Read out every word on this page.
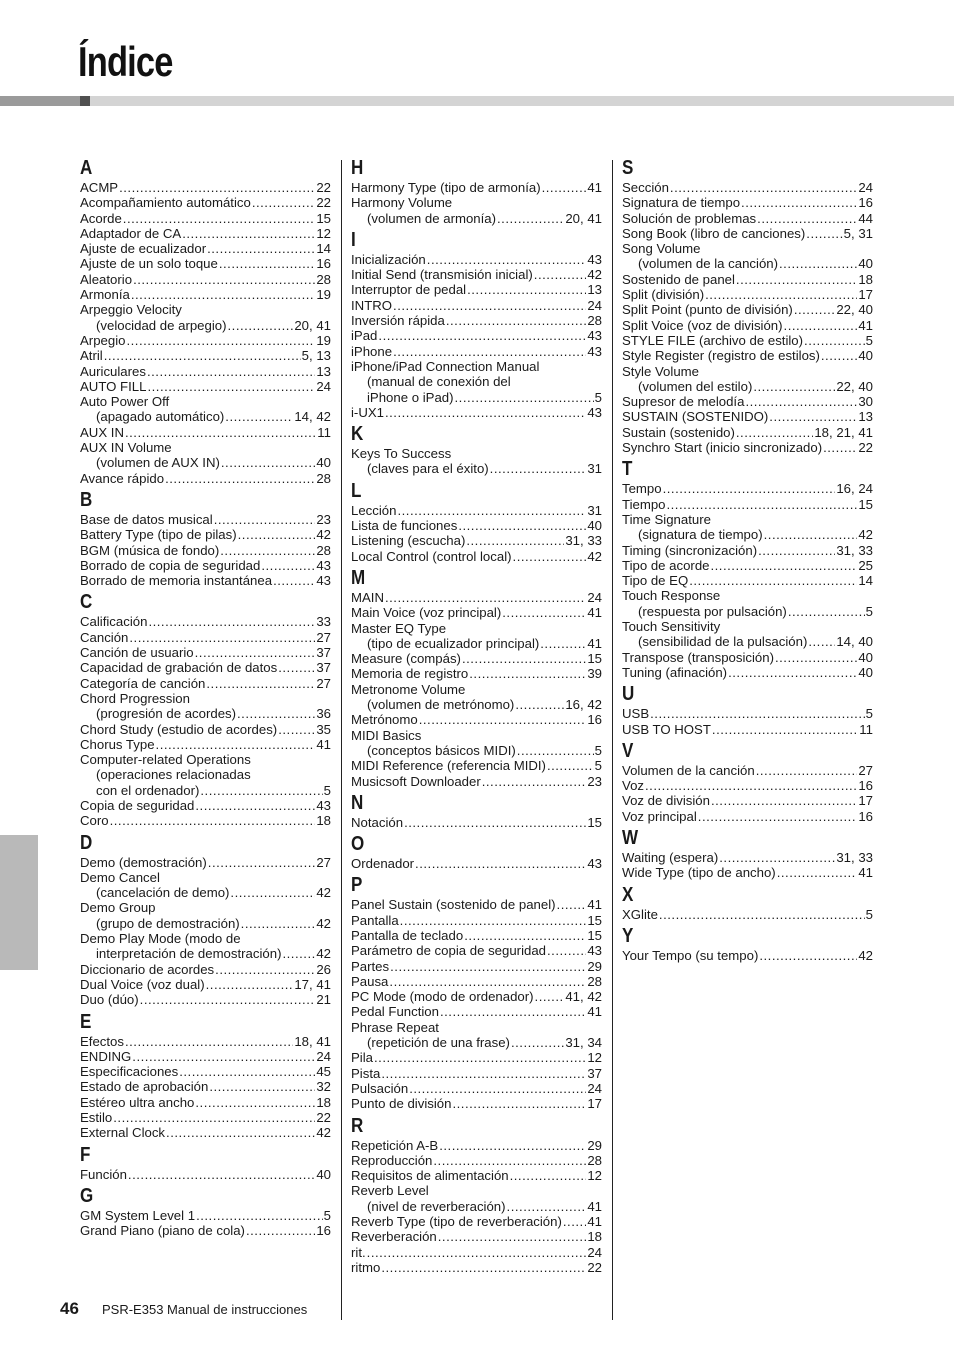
Índice
A
ACMP .....	22
Acompañamiento automático .....	22
Acorde .....	15
Adaptador de CA .....	12
Ajuste de ecualizador .....	14
Ajuste de un solo toque .....	16
Aleatorio .....	28
Armonía .....	19
Arpeggio Velocity
(velocidad de arpegio) .....	20, 41
Arpegio .....	19
Atril .....	5, 13
Auriculares .....	13
AUTO FILL .....	24
Auto Power Off
(apagado automático) .....	14, 42
AUX IN .....	11
AUX IN Volume
(volumen de AUX IN) .....	40
Avance rápido .....	28
B
Base de datos musical .....	23
Battery Type (tipo de pilas) .....	42
BGM (música de fondo) .....	28
Borrado de copia de seguridad .....	43
Borrado de memoria instantánea .....	43
C
Calificación .....	33
Canción .....	27
Canción de usuario .....	37
Capacidad de grabación de datos .....	37
Categoría de canción .....	27
Chord Progression
(progresión de acordes) .....	36
Chord Study (estudio de acordes) .....	35
Chorus Type .....	41
Computer-related Operations
(operaciones relacionadas
con el ordenador) .....	5
Copia de seguridad .....	43
Coro .....	18
D
Demo (demostración) .....	27
Demo Cancel
(cancelación de demo) .....	42
Demo Group
(grupo de demostración) .....	42
Demo Play Mode (modo de
interpretación de demostración) .....	42
Diccionario de acordes .....	26
Dual Voice (voz dual) .....	17, 41
Duo (dúo) .....	21
E
Efectos .....	18, 41
ENDING .....	24
Especificaciones .....	45
Estado de aprobación .....	32
Estéreo ultra ancho .....	18
Estilo .....	22
External Clock .....	42
F
Función .....	40
G
GM System Level 1 .....	5
Grand Piano (piano de cola) .....	16
H
Harmony Type (tipo de armonía) .....	41
Harmony Volume
(volumen de armonía) .....	20, 41
I
Inicialización .....	43
Initial Send (transmisión inicial) .....	42
Interruptor de pedal .....	13
INTRO .....	24
Inversión rápida .....	28
iPad .....	43
iPhone .....	43
iPhone/iPad Connection Manual
(manual de conexión del
iPhone o iPad) .....	5
i-UX1 .....	43
K
Keys To Success
(claves para el éxito) .....	31
L
Lección .....	31
Lista de funciones .....	40
Listening (escucha) .....	31, 33
Local Control (control local) .....	42
M
MAIN .....	24
Main Voice (voz principal) .....	41
Master EQ Type
(tipo de ecualizador principal) .....	41
Measure (compás) .....	15
Memoria de registro .....	39
Metronome Volume
(volumen de metrónomo) .....	16, 42
Metrónomo .....	16
MIDI Basics
(conceptos básicos MIDI) .....	5
MIDI Reference (referencia MIDI) .....	5
Musicsoft Downloader .....	23
N
Notación .....	15
O
Ordenador .....	43
P
Panel Sustain (sostenido de panel) ..... 41
Pantalla .....	15
Pantalla de teclado .....	15
Parámetro de copia de seguridad .....	43
Partes .....	29
Pausa .....	28
PC Mode (modo de ordenador) ..... 41, 42
Pedal Function .....	41
Phrase Repeat
(repetición de una frase) .....	31, 34
Pila .....	12
Pista .....	37
Pulsación .....	24
Punto de división .....	17
R
Repetición A-B .....	29
Reproducción .....	28
Requisitos de alimentación .....	12
Reverb Level
(nivel de reverberación) .....	41
Reverb Type (tipo de reverberación) ..... 41
Reverberación .....	18
rit. .....	24
ritmo .....	22
S
Sección .....	24
Signatura de tiempo .....	16
Solución de problemas .....	44
Song Book (libro de canciones) .....	5, 31
Song Volume
(volumen de la canción) .....	40
Sostenido de panel .....	18
Split (división) .....	17
Split Point (punto de división) .....	22, 40
Split Voice (voz de división) .....	41
STYLE FILE (archivo de estilo) .....	5
Style Register (registro de estilos) .....	40
Style Volume
(volumen del estilo) .....	22, 40
Supresor de melodía .....	30
SUSTAIN (SOSTENIDO) .....	13
Sustain (sostenido) .....	18, 21, 41
Synchro Start (inicio sincronizado) .....	22
T
Tempo .....	16, 24
Tiempo .....	15
Time Signature
(signatura de tiempo) .....	42
Timing (sincronización) .....	31, 33
Tipo de acorde .....	25
Tipo de EQ .....	14
Touch Response
(respuesta por pulsación) .....	5
Touch Sensitivity
(sensibilidad de la pulsación) ..... 14, 40
Transpose (transposición) .....	40
Tuning (afinación) .....	40
U
USB .....	5
USB TO HOST .....	11
V
Volumen de la canción .....	27
Voz .....	16
Voz de división .....	17
Voz principal .....	16
W
Waiting (espera) .....	31, 33
Wide Type (tipo de ancho) .....	41
X
XGlite .....	5
Y
Your Tempo (su tempo) .....	42
46	PSR-E353 Manual de instrucciones
